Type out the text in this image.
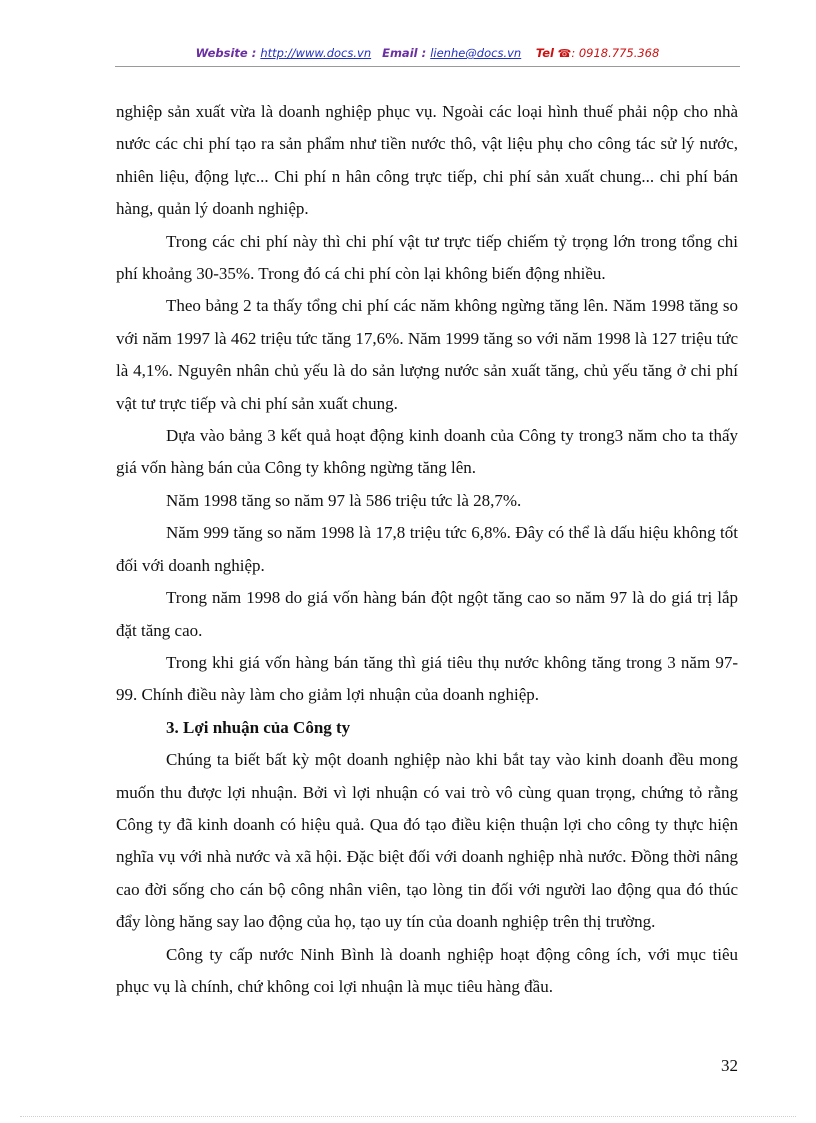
Website : http://www.docs.vn Email : lienhe@docs.vn Tel ☎: 0918.775.368

nghiệp sản xuất vừa là doanh nghiệp phục vụ. Ngoài các loại hình thuế phải nộp cho nhà nước các chi phí tạo ra sản phẩm như tiền nước thô, vật liệu phụ cho công tác sử lý nước, nhiên liệu, động lực... Chi phí n hân công trực tiếp, chi phí sản xuất chung... chi phí bán hàng, quản lý doanh nghiệp.

Trong các chi phí này thì chi phí vật tư trực tiếp chiếm tỷ trọng lớn trong tổng chi phí khoảng 30-35%. Trong đó cá chi phí còn lại không biến động nhiều.

Theo bảng 2 ta thấy tổng chi phí các năm không ngừng tăng lên. Năm 1998 tăng so với năm 1997 là 462 triệu tức tăng 17,6%. Năm 1999 tăng so với năm 1998 là 127 triệu tức là 4,1%. Nguyên nhân chủ yếu là do sản lượng nước sản xuất tăng, chủ yếu tăng ở chi phí vật tư trực tiếp và chi phí sản xuất chung.

Dựa vào bảng 3 kết quả hoạt động kinh doanh của Công ty trong3 năm cho ta thấy giá vốn hàng bán của Công ty không ngừng tăng lên.

Năm 1998 tăng so năm 97 là 586 triệu tức là 28,7%.

Năm 999 tăng so năm 1998 là 17,8 triệu tức 6,8%. Đây có thể là dấu hiệu không tốt đối với doanh nghiệp.

Trong năm 1998 do giá vốn hàng bán đột ngột tăng cao so năm 97 là do giá trị lắp đặt tăng cao.

Trong khi giá vốn hàng bán tăng thì giá tiêu thụ nước không tăng trong 3 năm 97-99. Chính điều này làm cho giảm lợi nhuận của doanh nghiệp.

3. Lợi nhuận của Công ty

Chúng ta biết bất kỳ một doanh nghiệp nào khi bắt tay vào kinh doanh đều mong muốn thu được lợi nhuận. Bởi vì lợi nhuận có vai trò vô cùng quan trọng, chứng tỏ rằng Công ty đã kinh doanh có hiệu quả. Qua đó tạo điều kiện thuận lợi cho công ty thực hiện nghĩa vụ với nhà nước và xã hội. Đặc biệt đối với doanh nghiệp nhà nước. Đồng thời nâng cao đời sống cho cán bộ công nhân viên, tạo lòng tin đối với người lao động qua đó thúc đẩy lòng hăng say lao động của họ, tạo uy tín của doanh nghiệp trên thị trường.

Công ty cấp nước Ninh Bình là doanh nghiệp hoạt động công ích, với mục tiêu phục vụ là chính, chứ không coi lợi nhuận là mục tiêu hàng đầu.

32
